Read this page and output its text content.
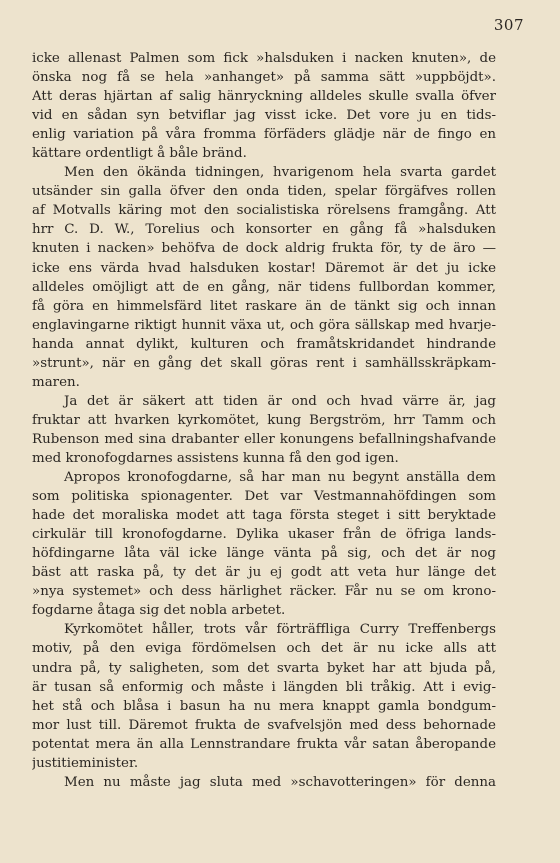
307
icke allenast Palmen som fick »halsduken i nacken knuten», de
önska nog få se hela »anhanget» på samma sätt »uppböjdt».
Att deras hjärtan af salig hänryckning alldeles skulle svalla öfver
vid en sådan syn betviflar jag visst icke. Det vore ju en tids-
enlig variation på våra fromma förfäders glädje när de fingo en
kättare ordentligt å båle bränd.
Men den ökända tidningen, hvarigenom hela svarta gardet
utsänder sin galla öfver den onda tiden, spelar förgäfves rollen
af Motvalls käring mot den socialistiska rörelsens framgång. Att
hrr C. D. W., Torelius och konsorter en gång få »halsduken
knuten i nacken» behöfva de dock aldrig frukta för, ty de äro —
icke ens värda hvad halsduken kostar! Däremot är det ju icke
alldeles omöjligt att de en gång, när tidens fullbordan kommer,
få göra en himmelsfärd litet raskare än de tänkt sig och innan
englavingarne riktigt hunnit växa ut, och göra sällskap med hvarje-
handa annat dylikt, kulturen och framåtskridandet hindrande
»strunt», när en gång det skall göras rent i samhällsskräpkam-
maren.
Ja det är säkert att tiden är ond och hvad värre är, jag
fruktar att hvarken kyrkomötet, kung Bergström, hrr Tamm och
Rubenson med sina drabanter eller konungens befallningshafvande
med kronofogdarnes assistens kunna få den god igen.
Apropos kronofogdarne, så har man nu begynt anställa dem
som politiska spionagenter. Det var Vestmannahöfdingen som
hade det moraliska modet att taga första steget i sitt beryktade
cirkulär till kronofogdarne. Dylika ukaser från de öfriga lands-
höfdingarne låta väl icke länge vänta på sig, och det är nog
bäst att raska på, ty det är ju ej godt att veta hur länge det
»nya systemet» och dess härlighet räcker. Får nu se om krono-
fogdarne åtaga sig det nobla arbetet.
Kyrkomötet håller, trots vår förträffliga Curry Treffenbergs
motiv, på den eviga fördömelsen och det är nu icke alls att
undra på, ty saligheten, som det svarta byket har att bjuda på,
är tusan så enformig och måste i längden bli tråkig. Att i evig-
het stå och blåsa i basun ha nu mera knappt gamla bondgum-
mor lust till. Däremot frukta de svafvelsjön med dess behornade
potentat mera än alla Lennstrandare frukta vår satan åberopande
justitieminister.
Men nu måste jag sluta med »schavotteringen» för denna
